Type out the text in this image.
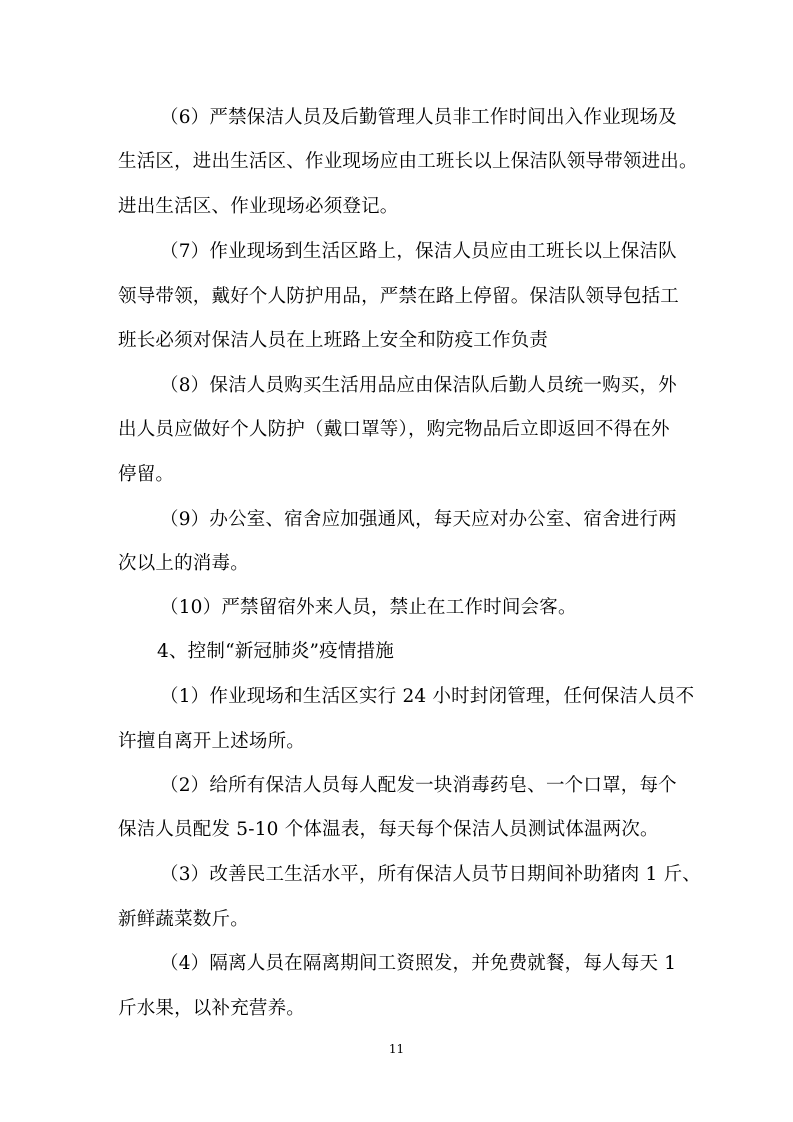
（6）严禁保洁人员及后勤管理人员非工作时间出入作业现场及
生活区，进出生活区、作业现场应由工班长以上保洁队领导带领进出。
进出生活区、作业现场必须登记。
（7）作业现场到生活区路上，保洁人员应由工班长以上保洁队
领导带领，戴好个人防护用品，严禁在路上停留。保洁队领导包括工
班长必须对保洁人员在上班路上安全和防疫工作负责
（8）保洁人员购买生活用品应由保洁队后勤人员统一购买，外
出人员应做好个人防护（戴口罩等），购完物品后立即返回不得在外
停留。
（9）办公室、宿舍应加强通风，每天应对办公室、宿舍进行两
次以上的消毒。
（10）严禁留宿外来人员，禁止在工作时间会客。
4、控制“新冠肺炎”疫情措施
（1）作业现场和生活区实行 24 小时封闭管理，任何保洁人员不
许擅自离开上述场所。
（2）给所有保洁人员每人配发一块消毒药皂、一个口罩，每个
保洁人员配发 5-10 个体温表，每天每个保洁人员测试体温两次。
（3）改善民工生活水平，所有保洁人员节日期间补助猪肉 1 斤、
新鲜蔬菜数斤。
（4）隔离人员在隔离期间工资照发，并免费就餐，每人每天 1
斤水果，以补充营养。
11
